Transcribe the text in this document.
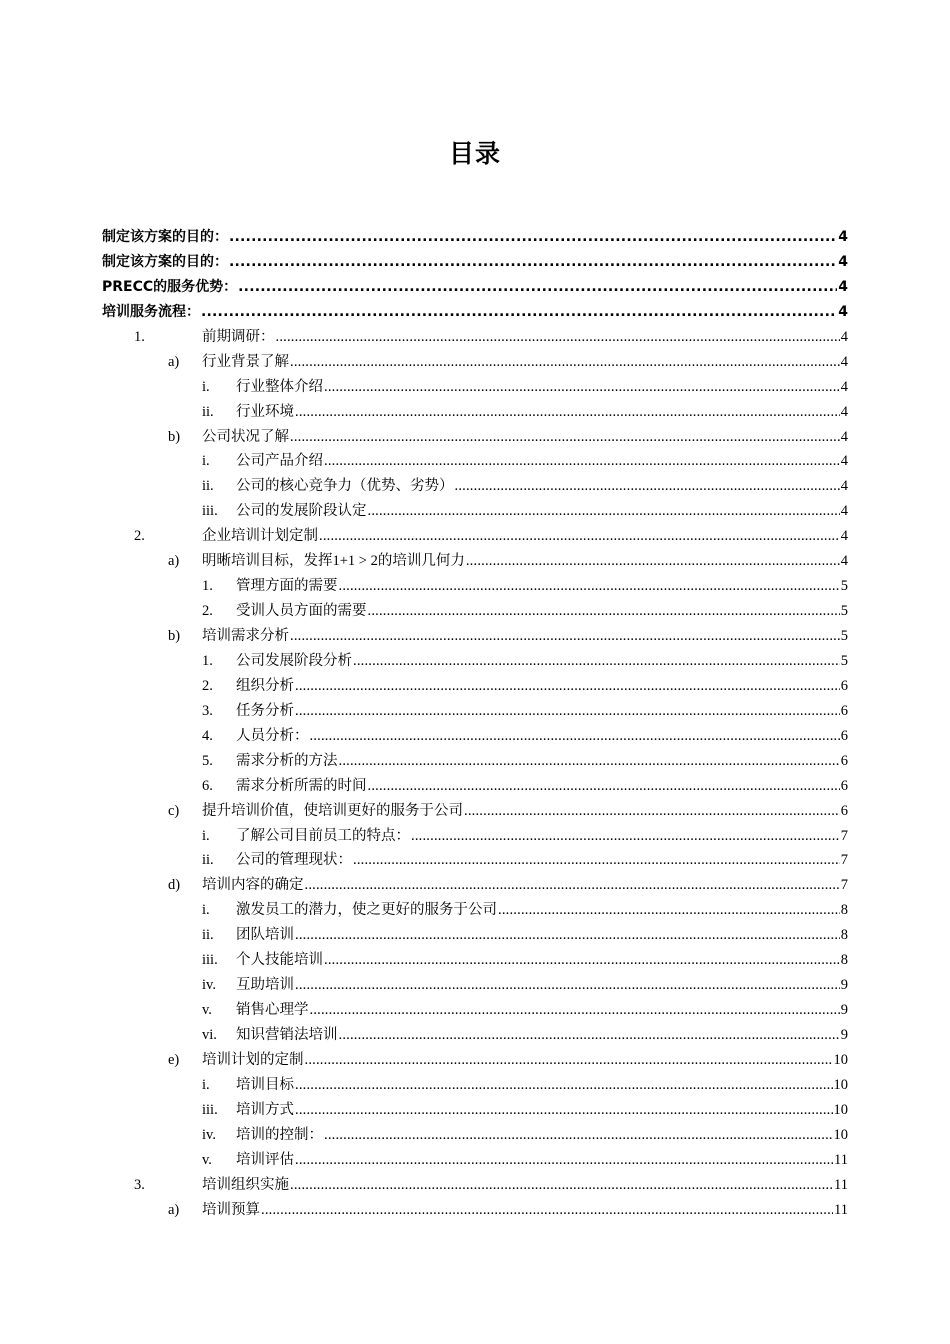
目录
制定该方案的目的： .....	4
制定该方案的目的： .....	4
PRECC的服务优势： .....	4
培训服务流程： .....	4
1.	前期调研： .....	4
a) 行业背景了解 .....	4
i. 行业整体介绍 .....	4
ii. 行业环境 .....	4
b) 公司状况了解 .....	4
i. 公司产品介绍 .....	4
ii. 公司的核心竞争力（优势、劣势） .....	4
iii. 公司的发展阶段认定 .....	4
2.	企业培训计划定制 .....	4
a) 明晰培训目标，发挥1+1 > 2的培训几何力 .....	4
1. 管理方面的需要 .....	5
2. 受训人员方面的需要 .....	5
b) 培训需求分析 .....	5
1. 公司发展阶段分析 .....	5
2. 组织分析 .....	6
3. 任务分析 .....	6
4. 人员分析： .....	6
5. 需求分析的方法 .....	6
6. 需求分析所需的时间 .....	6
c) 提升培训价值，使培训更好的服务于公司 .....	6
i. 了解公司目前员工的特点： .....	7
ii. 公司的管理现状： .....	7
d) 培训内容的确定 .....	7
i. 激发员工的潜力，使之更好的服务于公司 .....	8
ii. 团队培训 .....	8
iii. 个人技能培训 .....	8
iv. 互助培训 .....	9
v. 销售心理学 .....	9
vi. 知识营销法培训 .....	9
e) 培训计划的定制 .....	10
i. 培训目标 .....	10
iii. 培训方式 .....	10
iv. 培训的控制： .....	10
v. 培训评估 .....	11
3.	培训组织实施 .....	11
a) 培训预算 .....	11
